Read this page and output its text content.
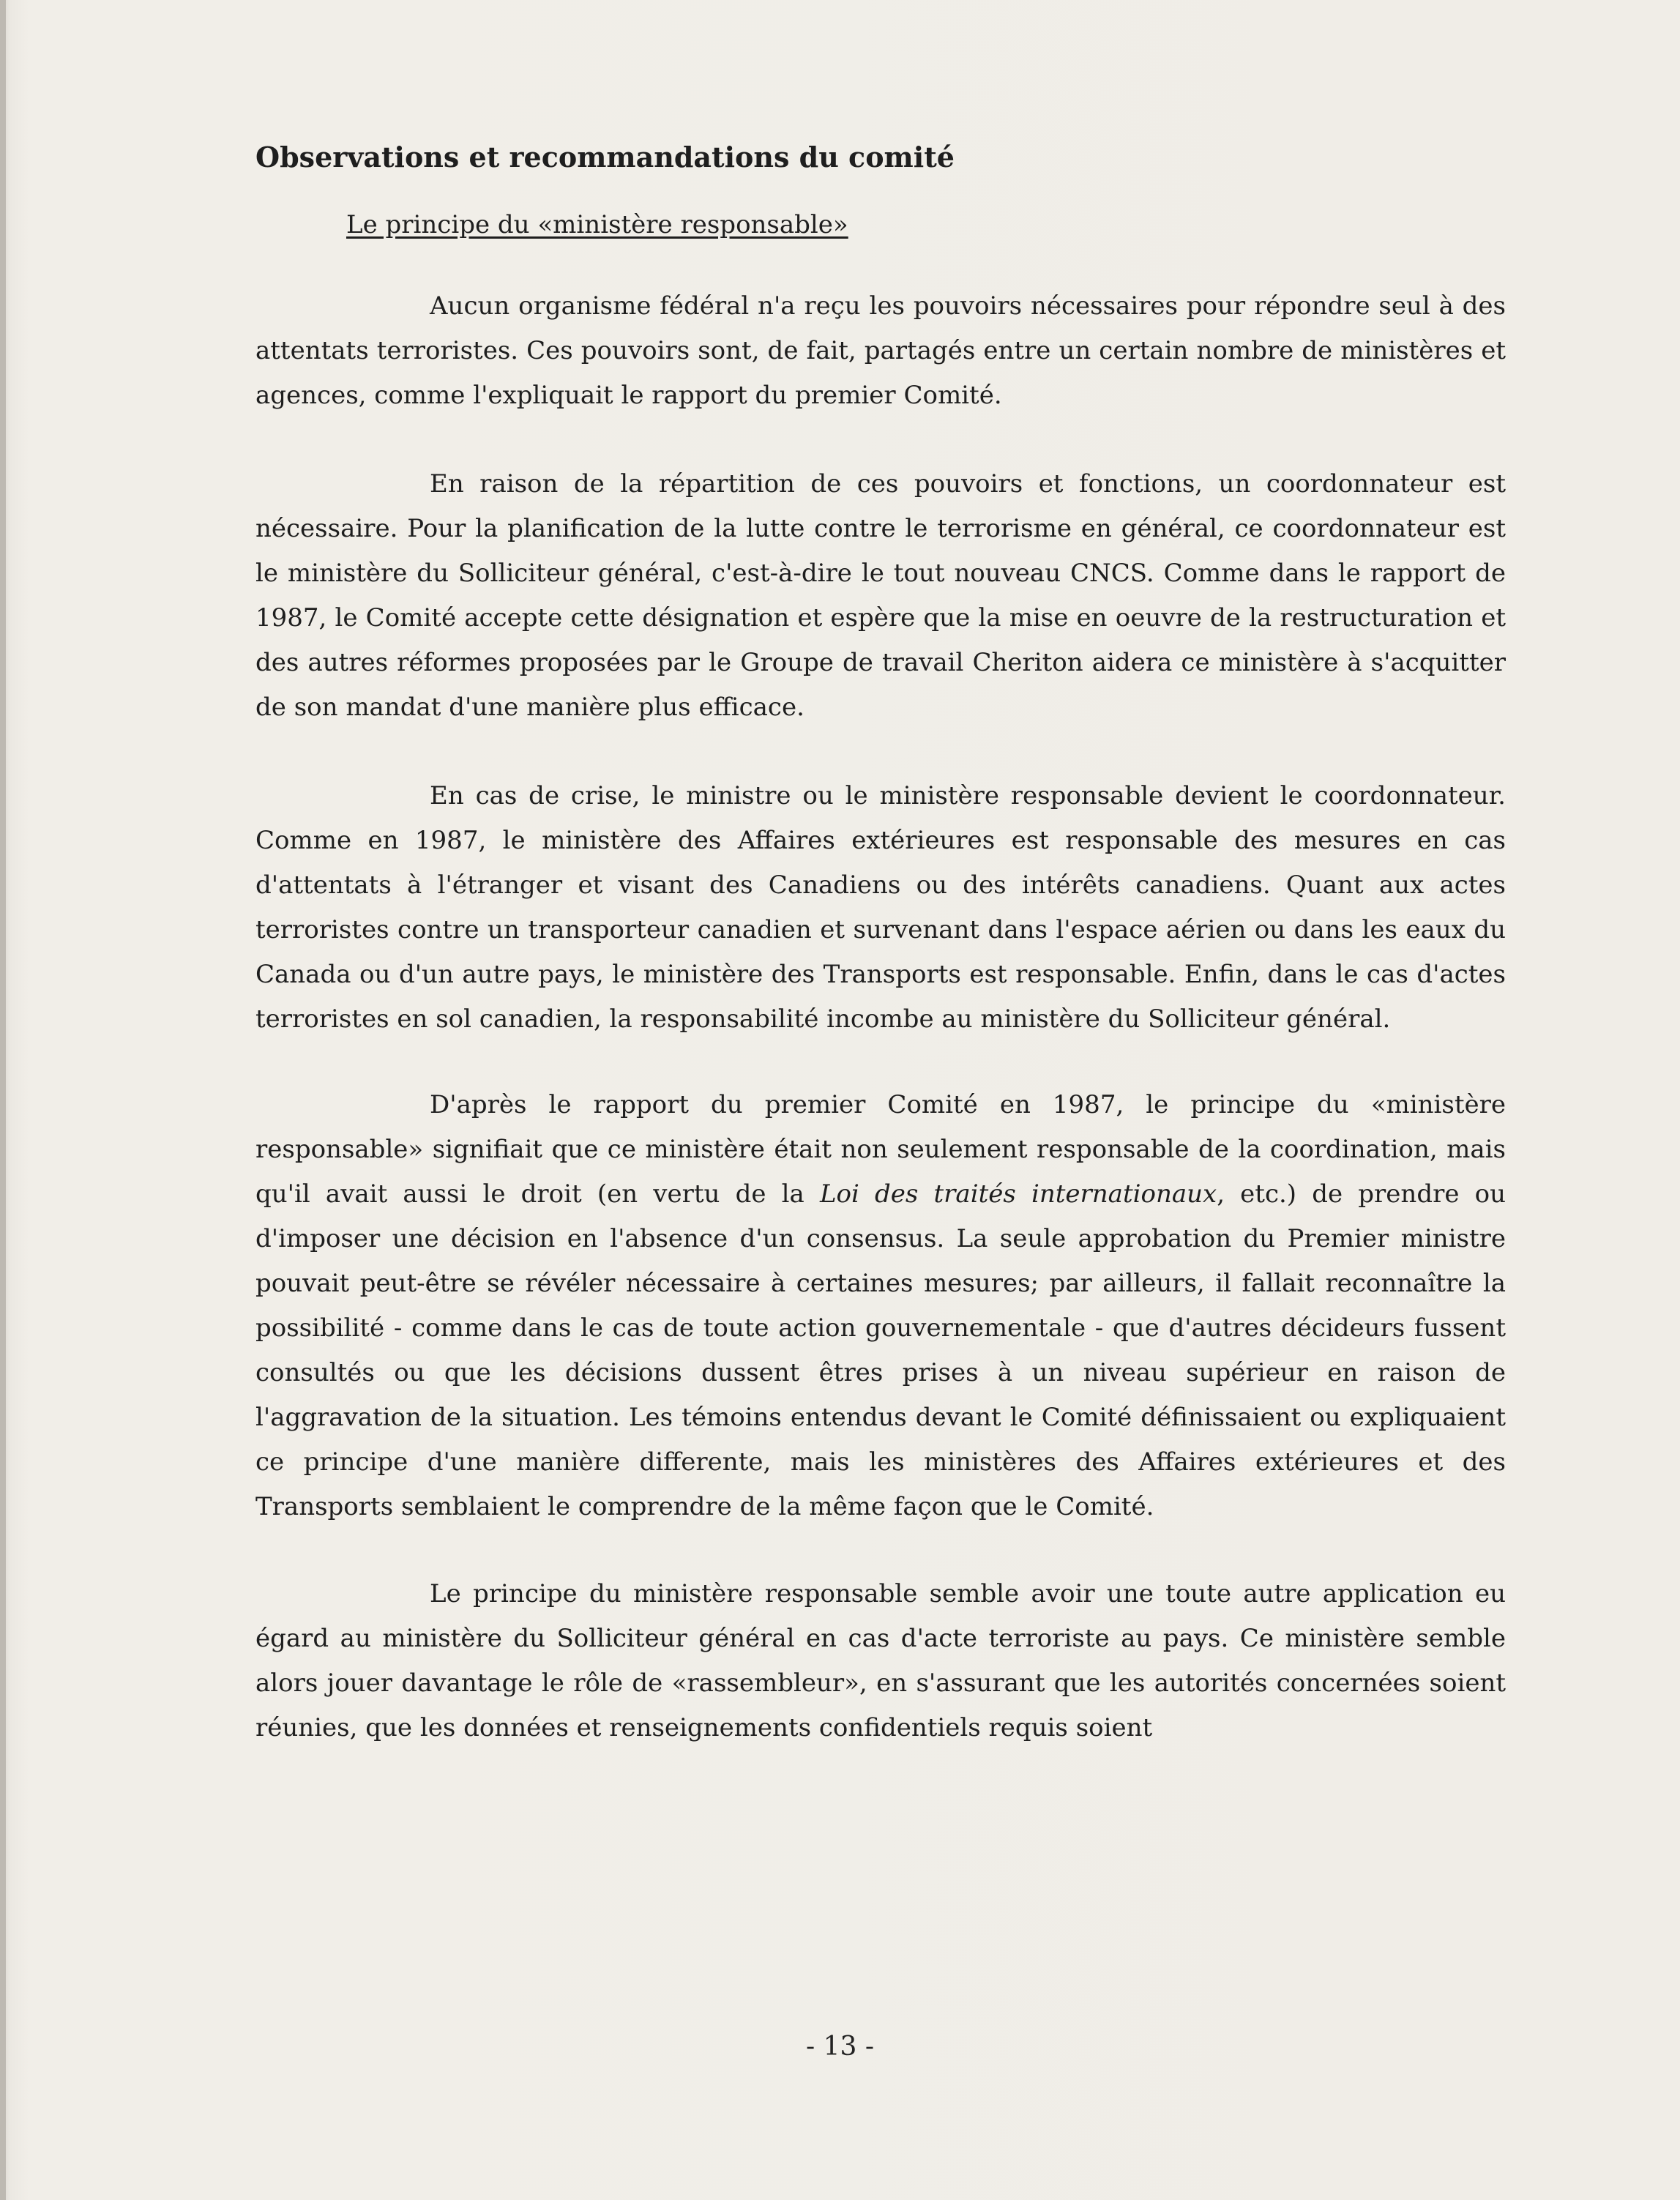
Observations et recommandations du comité
Le principe du «ministère responsable»

Aucun organisme fédéral n'a reçu les pouvoirs nécessaires pour répondre seul à des attentats terroristes. Ces pouvoirs sont, de fait, partagés entre un certain nombre de ministères et agences, comme l'expliquait le rapport du premier Comité.

En raison de la répartition de ces pouvoirs et fonctions, un coordonnateur est nécessaire. Pour la planification de la lutte contre le terrorisme en général, ce coordonnateur est le ministère du Solliciteur général, c'est-à-dire le tout nouveau CNCS. Comme dans le rapport de 1987, le Comité accepte cette désignation et espère que la mise en oeuvre de la restructuration et des autres réformes proposées par le Groupe de travail Cheriton aidera ce ministère à s'acquitter de son mandat d'une manière plus efficace.

En cas de crise, le ministre ou le ministère responsable devient le coordonnateur. Comme en 1987, le ministère des Affaires extérieures est responsable des mesures en cas d'attentats à l'étranger et visant des Canadiens ou des intérêts canadiens. Quant aux actes terroristes contre un transporteur canadien et survenant dans l'espace aérien ou dans les eaux du Canada ou d'un autre pays, le ministère des Transports est responsable. Enfin, dans le cas d'actes terroristes en sol canadien, la responsabilité incombe au ministère du Solliciteur général.

D'après le rapport du premier Comité en 1987, le principe du «ministère responsable» signifiait que ce ministère était non seulement responsable de la coordination, mais qu'il avait aussi le droit (en vertu de la Loi des traités internationaux, etc.) de prendre ou d'imposer une décision en l'absence d'un consensus. La seule approbation du Premier ministre pouvait peut-être se révéler nécessaire à certaines mesures; par ailleurs, il fallait reconnaître la possibilité - comme dans le cas de toute action gouvernementale - que d'autres décideurs fussent consultés ou que les décisions dussent êtres prises à un niveau supérieur en raison de l'aggravation de la situation. Les témoins entendus devant le Comité définissaient ou expliquaient ce principe d'une manière differente, mais les ministères des Affaires extérieures et des Transports semblaient le comprendre de la même façon que le Comité.

Le principe du ministère responsable semble avoir une toute autre application eu égard au ministère du Solliciteur général en cas d'acte terroriste au pays. Ce ministère semble alors jouer davantage le rôle de «rassembleur», en s'assurant que les autorités concernées soient réunies, que les données et renseignements confidentiels requis soient

- 13 -
